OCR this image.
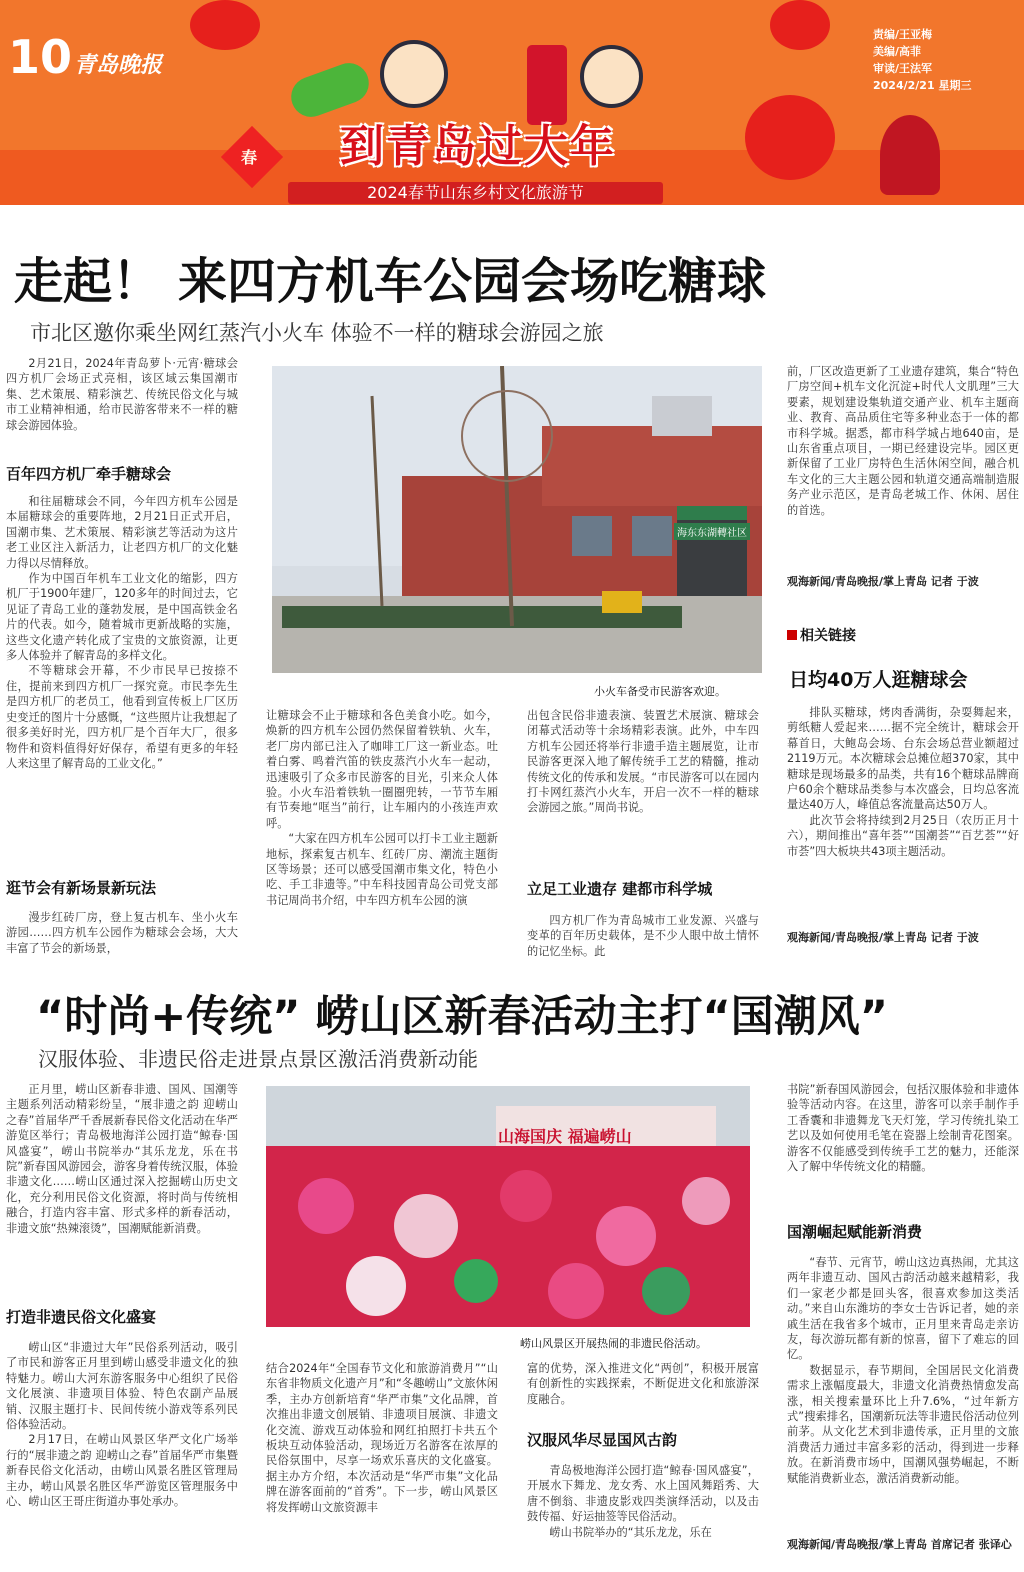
春
10 青岛晚报
责编/王亚梅
美编/高菲
审读/王法军
2024/2/21 星期三
到青岛过大年
2024春节山东乡村文化旅游节
走起！ 来四方机车公园会场吃糖球
市北区邀你乘坐网红蒸汽小火车 体验不一样的糖球会游园之旅

2月21日，2024年青岛萝卜·元宵·糖球会四方机厂会场正式亮相，该区域云集国潮市集、艺术策展、精彩演艺、传统民俗文化与城市工业精神相通，给市民游客带来不一样的糖球会游园体验。

百年四方机厂牵手糖球会

和往届糖球会不同，今年四方机车公园是本届糖球会的重要阵地，2月21日正式开启，国潮市集、艺术策展、精彩演艺等活动为这片老工业区注入新活力，让老四方机厂的文化魅力得以尽情释放。

作为中国百年机车工业文化的缩影，四方机厂于1900年建厂，120多年的时间过去，它见证了青岛工业的蓬勃发展，是中国高铁金名片的代表。如今，随着城市更新战略的实施，这些文化遗产转化成了宝贵的文旅资源，让更多人体验并了解青岛的多样文化。

不等糖球会开幕，不少市民早已按捺不住，提前来到四方机厂一探究竟。市民李先生是四方机厂的老员工，他看到宣传板上厂区历史变迁的图片十分感慨，“这些照片让我想起了很多美好时光，四方机厂是个百年大厂，很多物件和资料值得好好保存，希望有更多的年轻人来这里了解青岛的工业文化。”

逛节会有新场景新玩法

漫步红砖厂房，登上复古机车、坐小火车游园……四方机车公园作为糖球会会场，大大丰富了节会的新场景，

海东东湖轉社区
小火车备受市民游客欢迎。

让糖球会不止于糖球和各色美食小吃。如今，焕新的四方机车公园仍然保留着铁轨、火车，老厂房内部已注入了咖啡工厂这一新业态。吐着白雾、鸣着汽笛的铁皮蒸汽小火车一起动，迅速吸引了众多市民游客的目光，引来众人体验。小火车沿着铁轨一圈圈兜转，一节节车厢有节奏地“哐当”前行，让车厢内的小孩连声欢呼。

“大家在四方机车公园可以打卡工业主题新地标，探索复古机车、红砖厂房、潮流主题街区等场景；还可以感受国潮市集文化，特色小吃、手工非遗等。”中车科技园青岛公司党支部书记周尚书介绍，中车四方机车公园的演

出包含民俗非遗表演、装置艺术展演、糖球会闭幕式活动等十余场精彩表演。此外，中车四方机车公园还将举行非遗手造主题展览，让市民游客更深入地了解传统手工艺的精髓，推动传统文化的传承和发展。“市民游客可以在园内打卡网红蒸汽小火车，开启一次不一样的糖球会游园之旅。”周尚书说。

立足工业遗存 建都市科学城

四方机厂作为青岛城市工业发源、兴盛与变革的百年历史载体，是不少人眼中故土情怀的记忆坐标。此

前，厂区改造更新了工业遗存建筑，集合“特色厂房空间+机车文化沉淀+时代人文肌理”三大要素，规划建设集轨道交通产业、机车主题商业、教育、高品质住宅等多种业态于一体的都市科学城。据悉，都市科学城占地640亩，是山东省重点项目，一期已经建设完毕。园区更新保留了工业厂房特色生活休闲空间，融合机车文化的三大主题公园和轨道交通高端制造服务产业示范区，是青岛老城工作、休闲、居住的首选。

观海新闻/青岛晚报/掌上青岛 记者 于波
相关链接
日均40万人逛糖球会

排队买糖球，烤肉香满街，杂耍舞起来，剪纸糖人爱起来……据不完全统计，糖球会开幕首日，大鲍岛会场、台东会场总营业额超过2119万元。本次糖球会总摊位超370家，其中糖球是现场最多的品类，共有16个糖球品牌商户60余个糖球品类参与本次盛会，日均总客流量达40万人，峰值总客流量高达50万人。

此次节会将持续到2月25日（农历正月十六），期间推出“喜年荟”“国潮荟”“百艺荟”“好市荟”四大板块共43项主题活动。

观海新闻/青岛晚报/掌上青岛 记者 于波
“时尚+传统” 崂山区新春活动主打“国潮风”
汉服体验、非遗民俗走进景点景区激活消费新动能

正月里，崂山区新春非遗、国风、国潮等主题系列活动精彩纷呈，“展非遗之韵 迎崂山之春”首届华严千香展新春民俗文化活动在华严游览区举行；青岛极地海洋公园打造“鲸春·国风盛宴”，崂山书院举办“其乐龙龙，乐在书院”新春国风游园会，游客身着传统汉服，体验非遗文化……崂山区通过深入挖掘崂山历史文化，充分利用民俗文化资源，将时尚与传统相融合，打造内容丰富、形式多样的新春活动，非遗文旅“热辣滚烫”，国潮赋能新消费。

打造非遗民俗文化盛宴

崂山区“非遗过大年”民俗系列活动，吸引了市民和游客正月里到崂山感受非遗文化的独特魅力。崂山大河东游客服务中心组织了民俗文化展演、非遗项目体验、特色农副产品展销、汉服主题打卡、民间传统小游戏等系列民俗体验活动。

2月17日，在崂山风景区华严文化广场举行的“展非遗之韵 迎崂山之春”首届华严市集暨新春民俗文化活动，由崂山风景名胜区管理局主办，崂山风景名胜区华严游览区管理服务中心、崂山区王哥庄街道办事处承办。

山海国庆 福遍崂山
崂山风景区开展热闹的非遗民俗活动。

结合2024年“全国春节文化和旅游消费月”“山东省非物质文化遗产月”和“冬趣崂山”文旅休闲季，主办方创新培育“华严市集”文化品牌，首次推出非遗文创展销、非遗项目展演、非遗文化交流、游戏互动体验和网红拍照打卡共五个板块互动体验活动，现场近万名游客在浓厚的民俗氛围中，尽享一场欢乐喜庆的文化盛宴。据主办方介绍，本次活动是“华严市集”文化品牌在游客面前的“首秀”。下一步，崂山风景区将发挥崂山文旅资源丰

富的优势，深入推进文化“两创”，积极开展富有创新性的实践探索，不断促进文化和旅游深度融合。

汉服风华尽显国风古韵

青岛极地海洋公园打造“鲸春·国风盛宴”，开展水下舞龙、龙女秀、水上国风舞蹈秀、大唐不倒翁、非遗皮影戏四类演绎活动，以及击鼓传福、好运抽签等民俗活动。

崂山书院举办的“其乐龙龙，乐在

书院”新春国风游园会，包括汉服体验和非遗体验等活动内容。在这里，游客可以亲手制作手工香囊和非遗舞龙飞天灯笼，学习传统扎染工艺以及如何使用毛笔在瓷器上绘制青花图案。游客不仅能感受到传统手工艺的魅力，还能深入了解中华传统文化的精髓。

国潮崛起赋能新消费

“春节、元宵节，崂山这边真热闹，尤其这两年非遗互动、国风古韵活动越来越精彩，我们一家老少都是回头客，很喜欢参加这类活动。”来自山东潍坊的李女士告诉记者，她的亲戚生活在我省多个城市，正月里来青岛走亲访友，每次游玩都有新的惊喜，留下了难忘的回忆。

数据显示，春节期间，全国居民文化消费需求上涨幅度最大，非遗文化消费热情愈发高涨，相关搜索量环比上升7.6%，“过年新方式”搜索排名，国潮新玩法等非遗民俗活动位列前茅。从文化艺术到非遗传承，正月里的文旅消费活力通过丰富多彩的活动，得到进一步释放。在新消费市场中，国潮风强势崛起，不断赋能消费新业态，激活消费新动能。

观海新闻/青岛晚报/掌上青岛 首席记者 张译心
